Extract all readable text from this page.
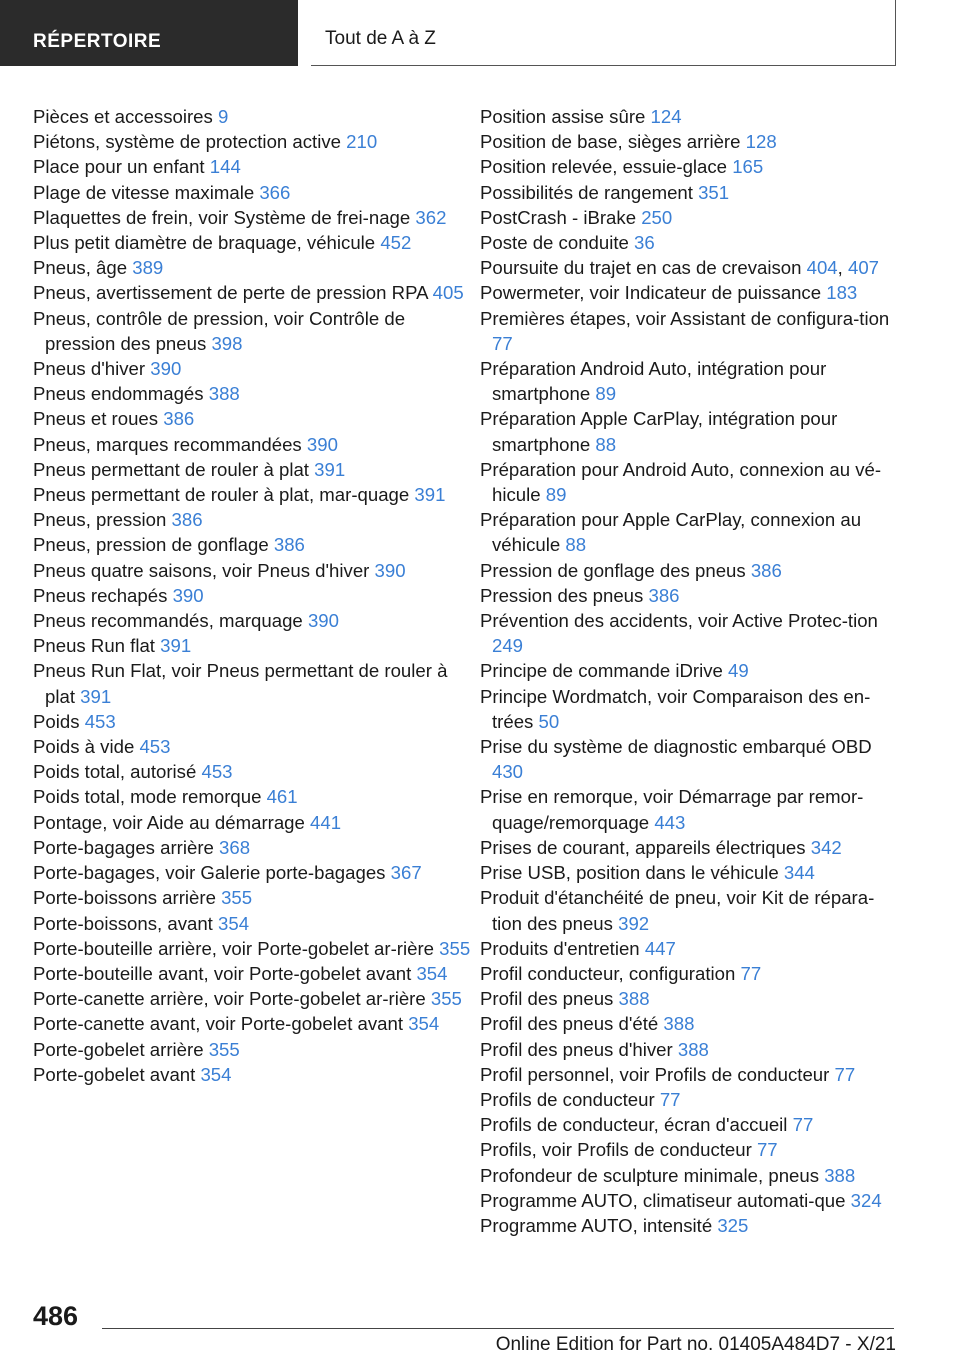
RÉPERTOIRE	Tout de A à Z
Pièces et accessoires 9
Piétons, système de protection active 210
Place pour un enfant 144
Plage de vitesse maximale 366
Plaquettes de frein, voir Système de frei‐nage 362
Plus petit diamètre de braquage, véhicule 452
Pneus, âge 389
Pneus, avertissement de perte de pression RPA 405
Pneus, contrôle de pression, voir Contrôle de pression des pneus 398
Pneus d'hiver 390
Pneus endommagés 388
Pneus et roues 386
Pneus, marques recommandées 390
Pneus permettant de rouler à plat 391
Pneus permettant de rouler à plat, mar‐quage 391
Pneus, pression 386
Pneus, pression de gonflage 386
Pneus quatre saisons, voir Pneus d'hiver 390
Pneus rechapés 390
Pneus recommandés, marquage 390
Pneus Run flat 391
Pneus Run Flat, voir Pneus permettant de rouler à plat 391
Poids 453
Poids à vide 453
Poids total, autorisé 453
Poids total, mode remorque 461
Pontage, voir Aide au démarrage 441
Porte-bagages arrière 368
Porte-bagages, voir Galerie porte-bagages 367
Porte-boissons arrière 355
Porte-boissons, avant 354
Porte-bouteille arrière, voir Porte-gobelet ar‐rière 355
Porte-bouteille avant, voir Porte-gobelet avant 354
Porte-canette arrière, voir Porte-gobelet ar‐rière 355
Porte-canette avant, voir Porte-gobelet avant 354
Porte-gobelet arrière 355
Porte-gobelet avant 354
Position assise sûre 124
Position de base, sièges arrière 128
Position relevée, essuie-glace 165
Possibilités de rangement 351
PostCrash - iBrake 250
Poste de conduite 36
Poursuite du trajet en cas de crevaison 404, 407
Powermeter, voir Indicateur de puissance 183
Premières étapes, voir Assistant de configura‐tion 77
Préparation Android Auto, intégration pour smartphone 89
Préparation Apple CarPlay, intégration pour smartphone 88
Préparation pour Android Auto, connexion au vé‐hicule 89
Préparation pour Apple CarPlay, connexion au véhicule 88
Pression de gonflage des pneus 386
Pression des pneus 386
Prévention des accidents, voir Active Protec‐tion 249
Principe de commande iDrive 49
Principe Wordmatch, voir Comparaison des en‐trées 50
Prise du système de diagnostic embarqué OBD 430
Prise en remorque, voir Démarrage par remor‐quage/remorquage 443
Prises de courant, appareils électriques 342
Prise USB, position dans le véhicule 344
Produit d'étanchéité de pneu, voir Kit de répara‐tion des pneus 392
Produits d'entretien 447
Profil conducteur, configuration 77
Profil des pneus 388
Profil des pneus d'été 388
Profil des pneus d'hiver 388
Profil personnel, voir Profils de conducteur 77
Profils de conducteur 77
Profils de conducteur, écran d'accueil 77
Profils, voir Profils de conducteur 77
Profondeur de sculpture minimale, pneus 388
Programme AUTO, climatiseur automati‐que 324
Programme AUTO, intensité 325
486
Online Edition for Part no. 01405A484D7 - X/21
